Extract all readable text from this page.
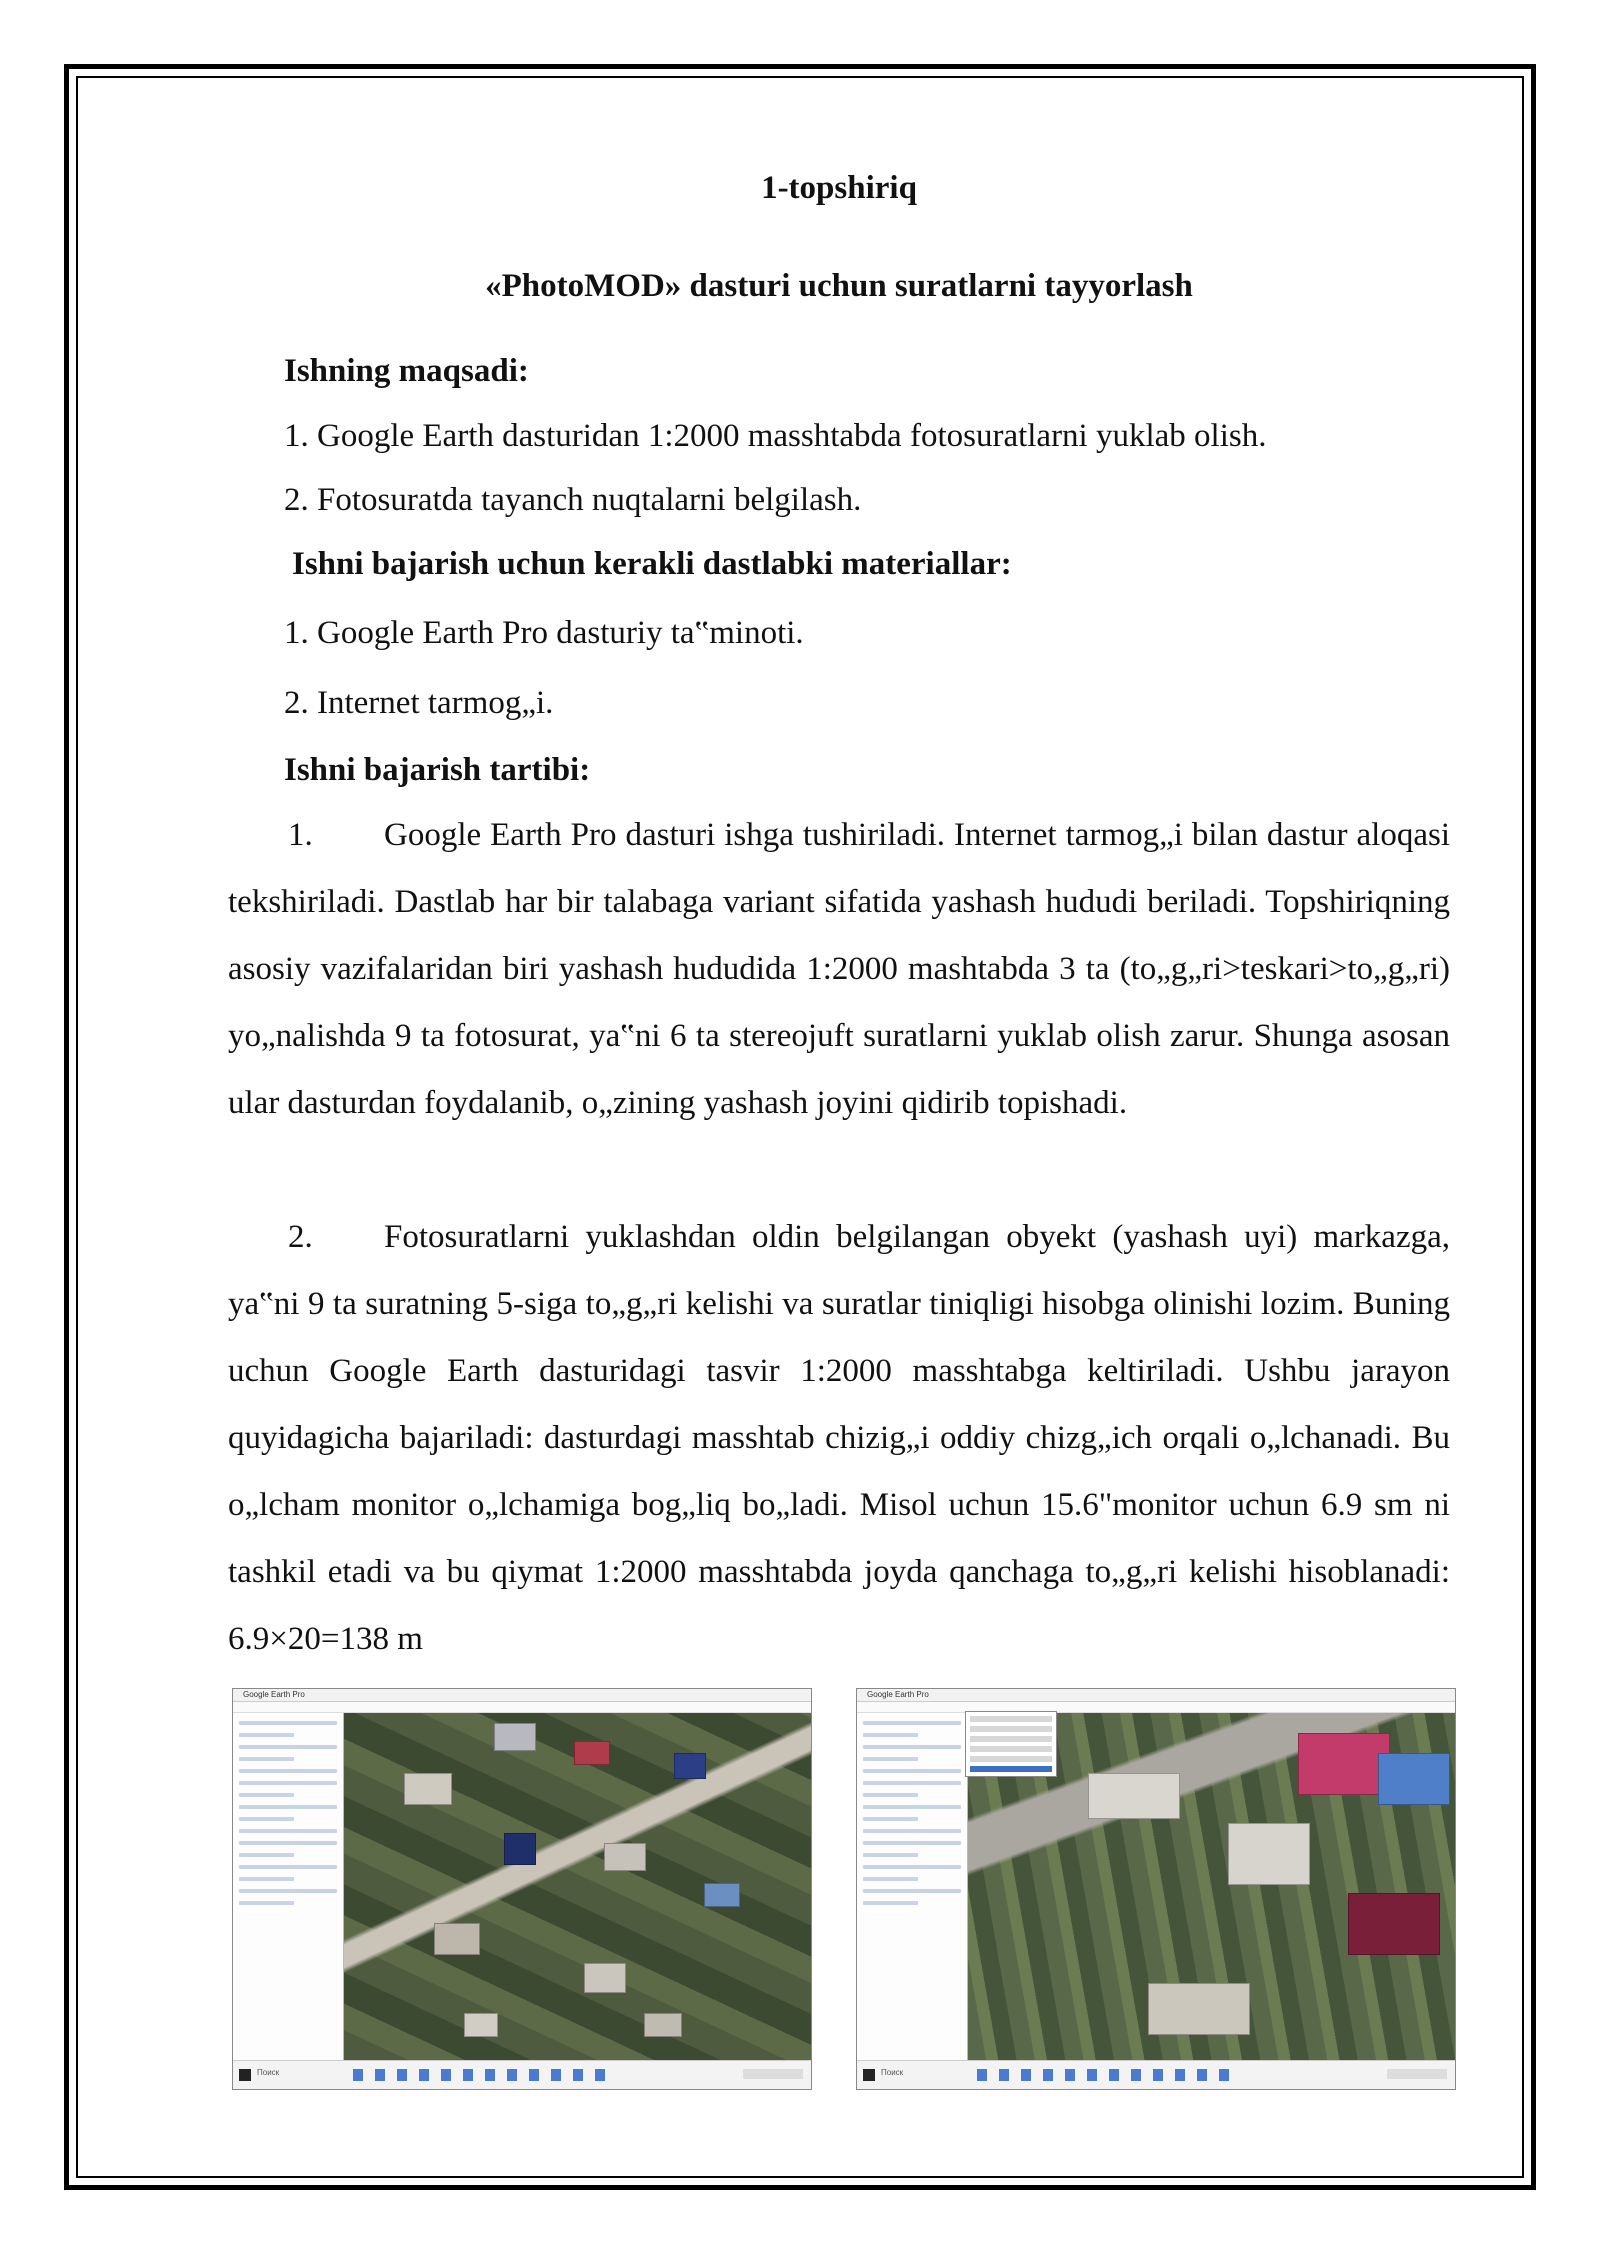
1-topshiriq
«PhotoMOD» dasturi uchun suratlarni tayyorlash
Ishning maqsadi:
1. Google Earth dasturidan 1:2000 masshtabda fotosuratlarni yuklab olish.
2. Fotosuratda tayanch nuqtalarni belgilash.
Ishni bajarish uchun kerakli dastlabki materiallar:
1. Google Earth Pro dasturiy ta‟minoti.
2. Internet tarmog„i.
Ishni bajarish tartibi:
1. Google Earth Pro dasturi ishga tushiriladi. Internet tarmog„i bilan dastur aloqasi tekshiriladi. Dastlab har bir talabaga variant sifatida yashash hududi beriladi. Topshiriqning asosiy vazifalaridan biri yashash hududida 1:2000 mashtabda 3 ta (to„g„ri>teskari>to„g„ri) yo„nalishda 9 ta fotosurat, ya‟ni 6 ta stereojuft suratlarni yuklab olish zarur. Shunga asosan ular dasturdan foydalanib, o„zining yashash joyini qidirib topishadi.
2. Fotosuratlarni yuklashdan oldin belgilangan obyekt (yashash uyi) markazga, ya‟ni 9 ta suratning 5-siga to„g„ri kelishi va suratlar tiniqligi hisobga olinishi lozim. Buning uchun Google Earth dasturidagi tasvir 1:2000 masshtabga keltiriladi. Ushbu jarayon quyidagicha bajariladi: dasturdagi masshtab chizig„i oddiy chizg„ich orqali o„lchanadi. Bu o„lcham monitor o„lchamiga bog„liq bo„ladi. Misol uchun 15.6"monitor uchun 6.9 sm ni tashkil etadi va bu qiymat 1:2000 masshtabda joyda qanchaga to„g„ri kelishi hisoblanadi: 6.9×20=138 m
Google Earth Pro
Поиск
Google Earth Pro
Поиск
